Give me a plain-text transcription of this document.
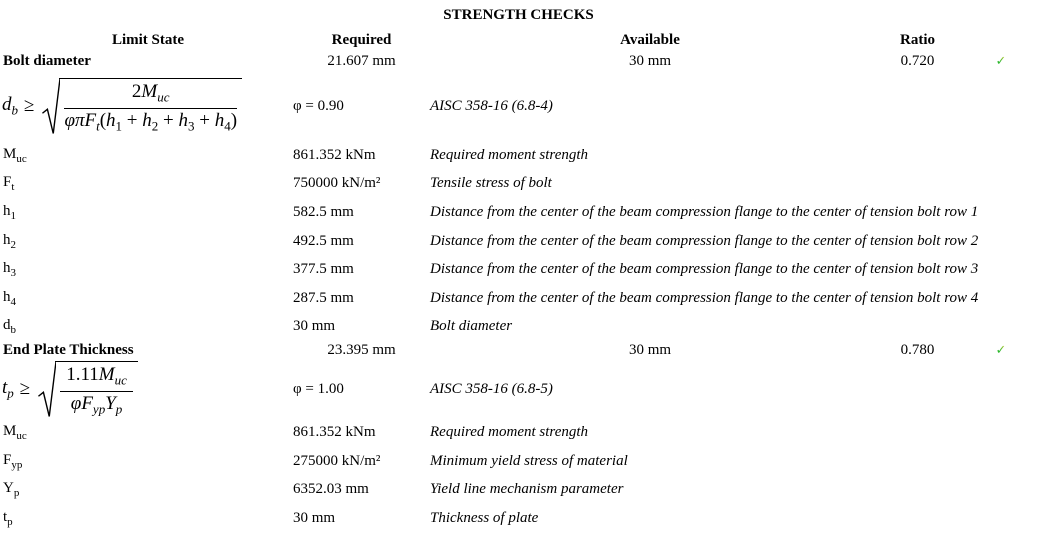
STRENGTH CHECKS
Limit State	Required	Available	Ratio
Bolt diameter	21.607 mm	30 mm	0.720	✓
$d_b$ ≥
$2M_{uc}$
$\varphi\pi F_t(h_1 + h_2 + h_3 + h_4)$
φ = 0.90	AISC 358-16 (6.8-4)
$M_{uc}$	861.352 kNm	Required moment strength
$F_t$	750000 kN/m²	Tensile stress of bolt
$h_1$	582.5 mm	Distance from the center of the beam compression flange to the center of tension bolt row 1
$h_2$	492.5 mm	Distance from the center of the beam compression flange to the center of tension bolt row 2
$h_3$	377.5 mm	Distance from the center of the beam compression flange to the center of tension bolt row 3
$h_4$	287.5 mm	Distance from the center of the beam compression flange to the center of tension bolt row 4
$d_b$	30 mm	Bolt diameter
End Plate Thickness	23.395 mm	30 mm	0.780	✓
$t_p$ ≥
$1.11M_{uc}$
$\varphi F_{yp}Y_p$
φ = 1.00	AISC 358-16 (6.8-5)
$M_{uc}$	861.352 kNm	Required moment strength
$F_{yp}$	275000 kN/m²	Minimum yield stress of material
$Y_p$	6352.03 mm	Yield line mechanism parameter
$t_p$	30 mm	Thickness of plate
